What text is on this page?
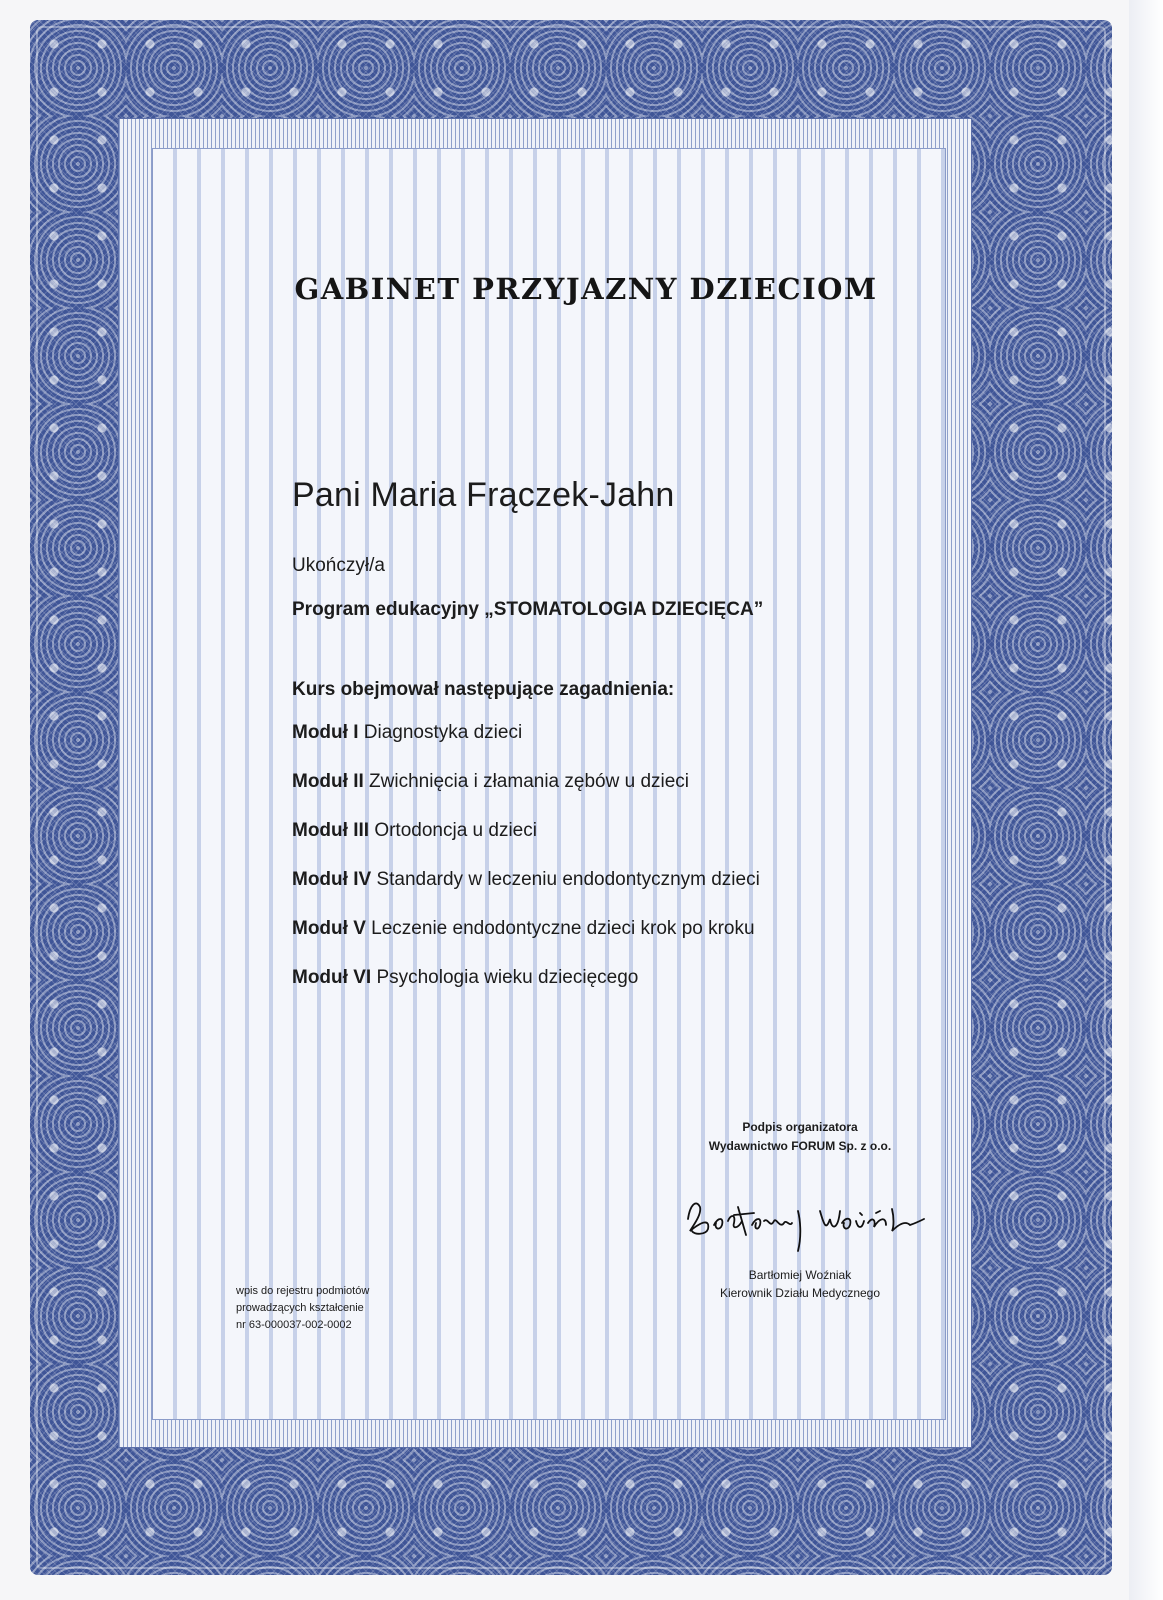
GABINET PRZYJAZNY DZIECIOM
Pani Maria Frączek-Jahn
Ukończył/a
Program edukacyjny „STOMATOLOGIA DZIECIĘCA”
Kurs obejmował następujące zagadnienia:
Moduł I Diagnostyka dzieci
Moduł II Zwichnięcia i złamania zębów u dzieci
Moduł III Ortodoncja u dzieci
Moduł IV Standardy w leczeniu endodontycznym dzieci
Moduł V Leczenie endodontyczne dzieci krok po kroku
Moduł VI Psychologia wieku dziecięcego
Podpis organizatora
Wydawnictwo FORUM Sp. z o.o.
Bartłomiej Woźniak
Kierownik Działu Medycznego
wpis do rejestru podmiotów
prowadzących kształcenie
nr 63-000037-002-0002
